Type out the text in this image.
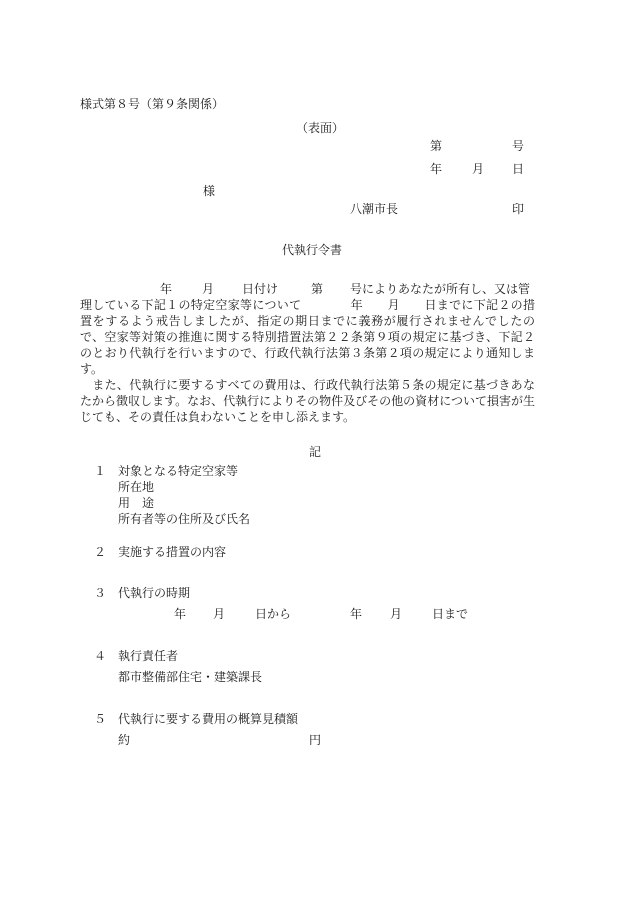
様式第８号（第９条関係）

（表面）

第	号
年 月 日

様

八潮市長	印

代執行令書

年 月 日付け	第 号によりあなたが所有し、又は管

理している下記１の特定空家等について　　　　年　　月　　日までに下記２の措置をするよう戒告しましたが、指定の期日までに義務が履行されませんでしたので、空家等対策の推進に関する特別措置法第２２条第９項の規定に基づき、下記２のとおり代執行を行いますので、行政代執行法第３条第２項の規定により通知します。

　また、代執行に要するすべての費用は、行政代執行法第５条の規定に基づきあなたから徴収します。なお、代執行によりその物件及びその他の資材について損害が生じても、その責任は負わないことを申し添えます。

記

１ 対象となる特定空家等

所在地

用　途

所有者等の住所及び氏名

２ 実施する措置の内容

３ 代執行の時期

年 月 日から	年 月 日まで

４ 執行責任者

都市整備部住宅・建築課長

５ 代執行に要する費用の概算見積額

約	円
